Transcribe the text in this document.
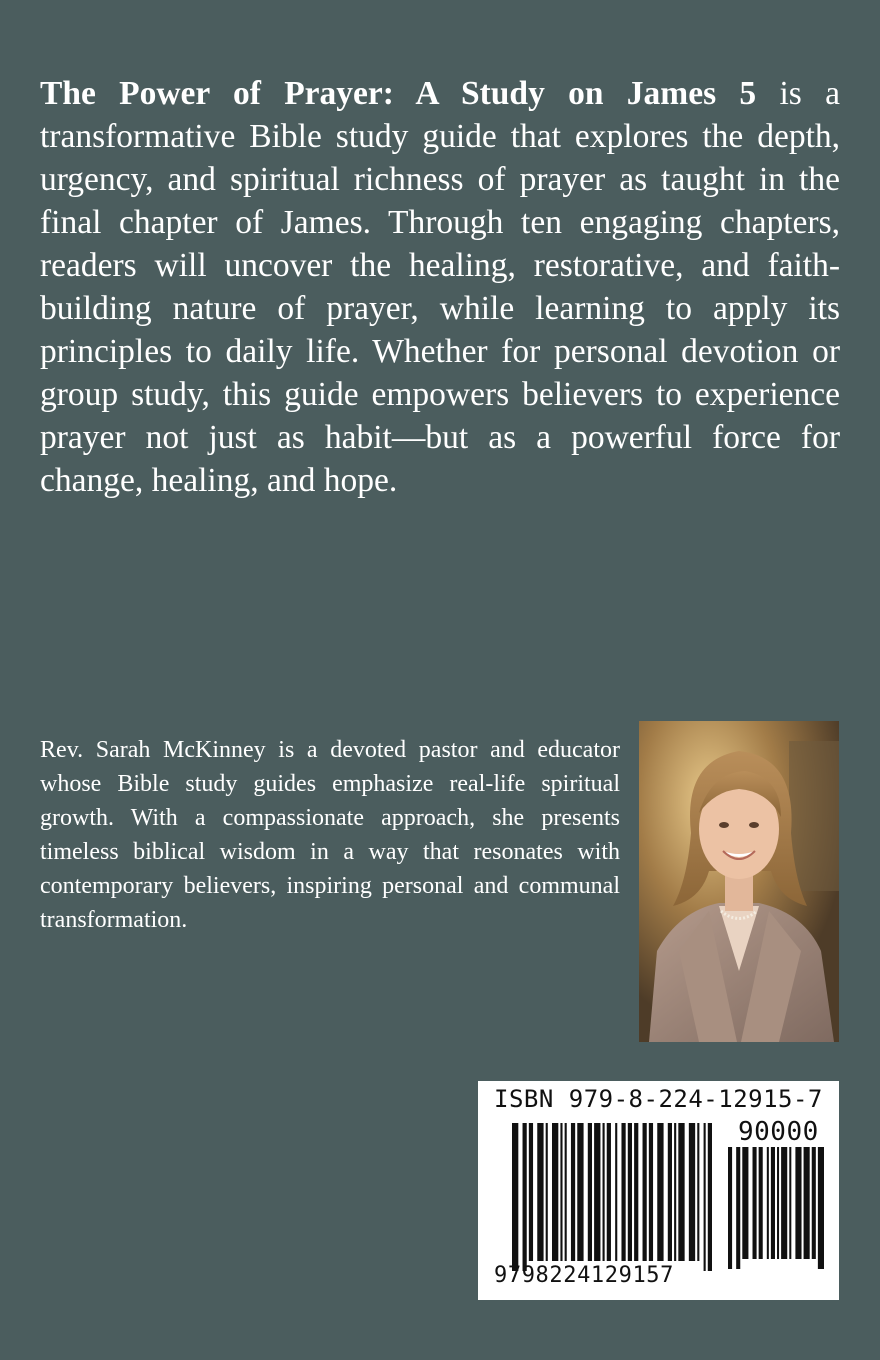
The Power of Prayer: A Study on James 5 is a transformative Bible study guide that explores the depth, urgency, and spiritual richness of prayer as taught in the final chapter of James. Through ten engaging chapters, readers will uncover the healing, restorative, and faith-building nature of prayer, while learning to apply its principles to daily life. Whether for personal devotion or group study, this guide empowers believers to experience prayer not just as habit—but as a powerful force for change, healing, and hope.

Rev. Sarah McKinney is a devoted pastor and educator whose Bible study guides emphasize real-life spiritual growth. With a compassionate approach, she presents timeless biblical wisdom in a way that resonates with contemporary believers, inspiring personal and communal transformation.

ISBN 979-8-224-12915-7
90000
9798224129157
